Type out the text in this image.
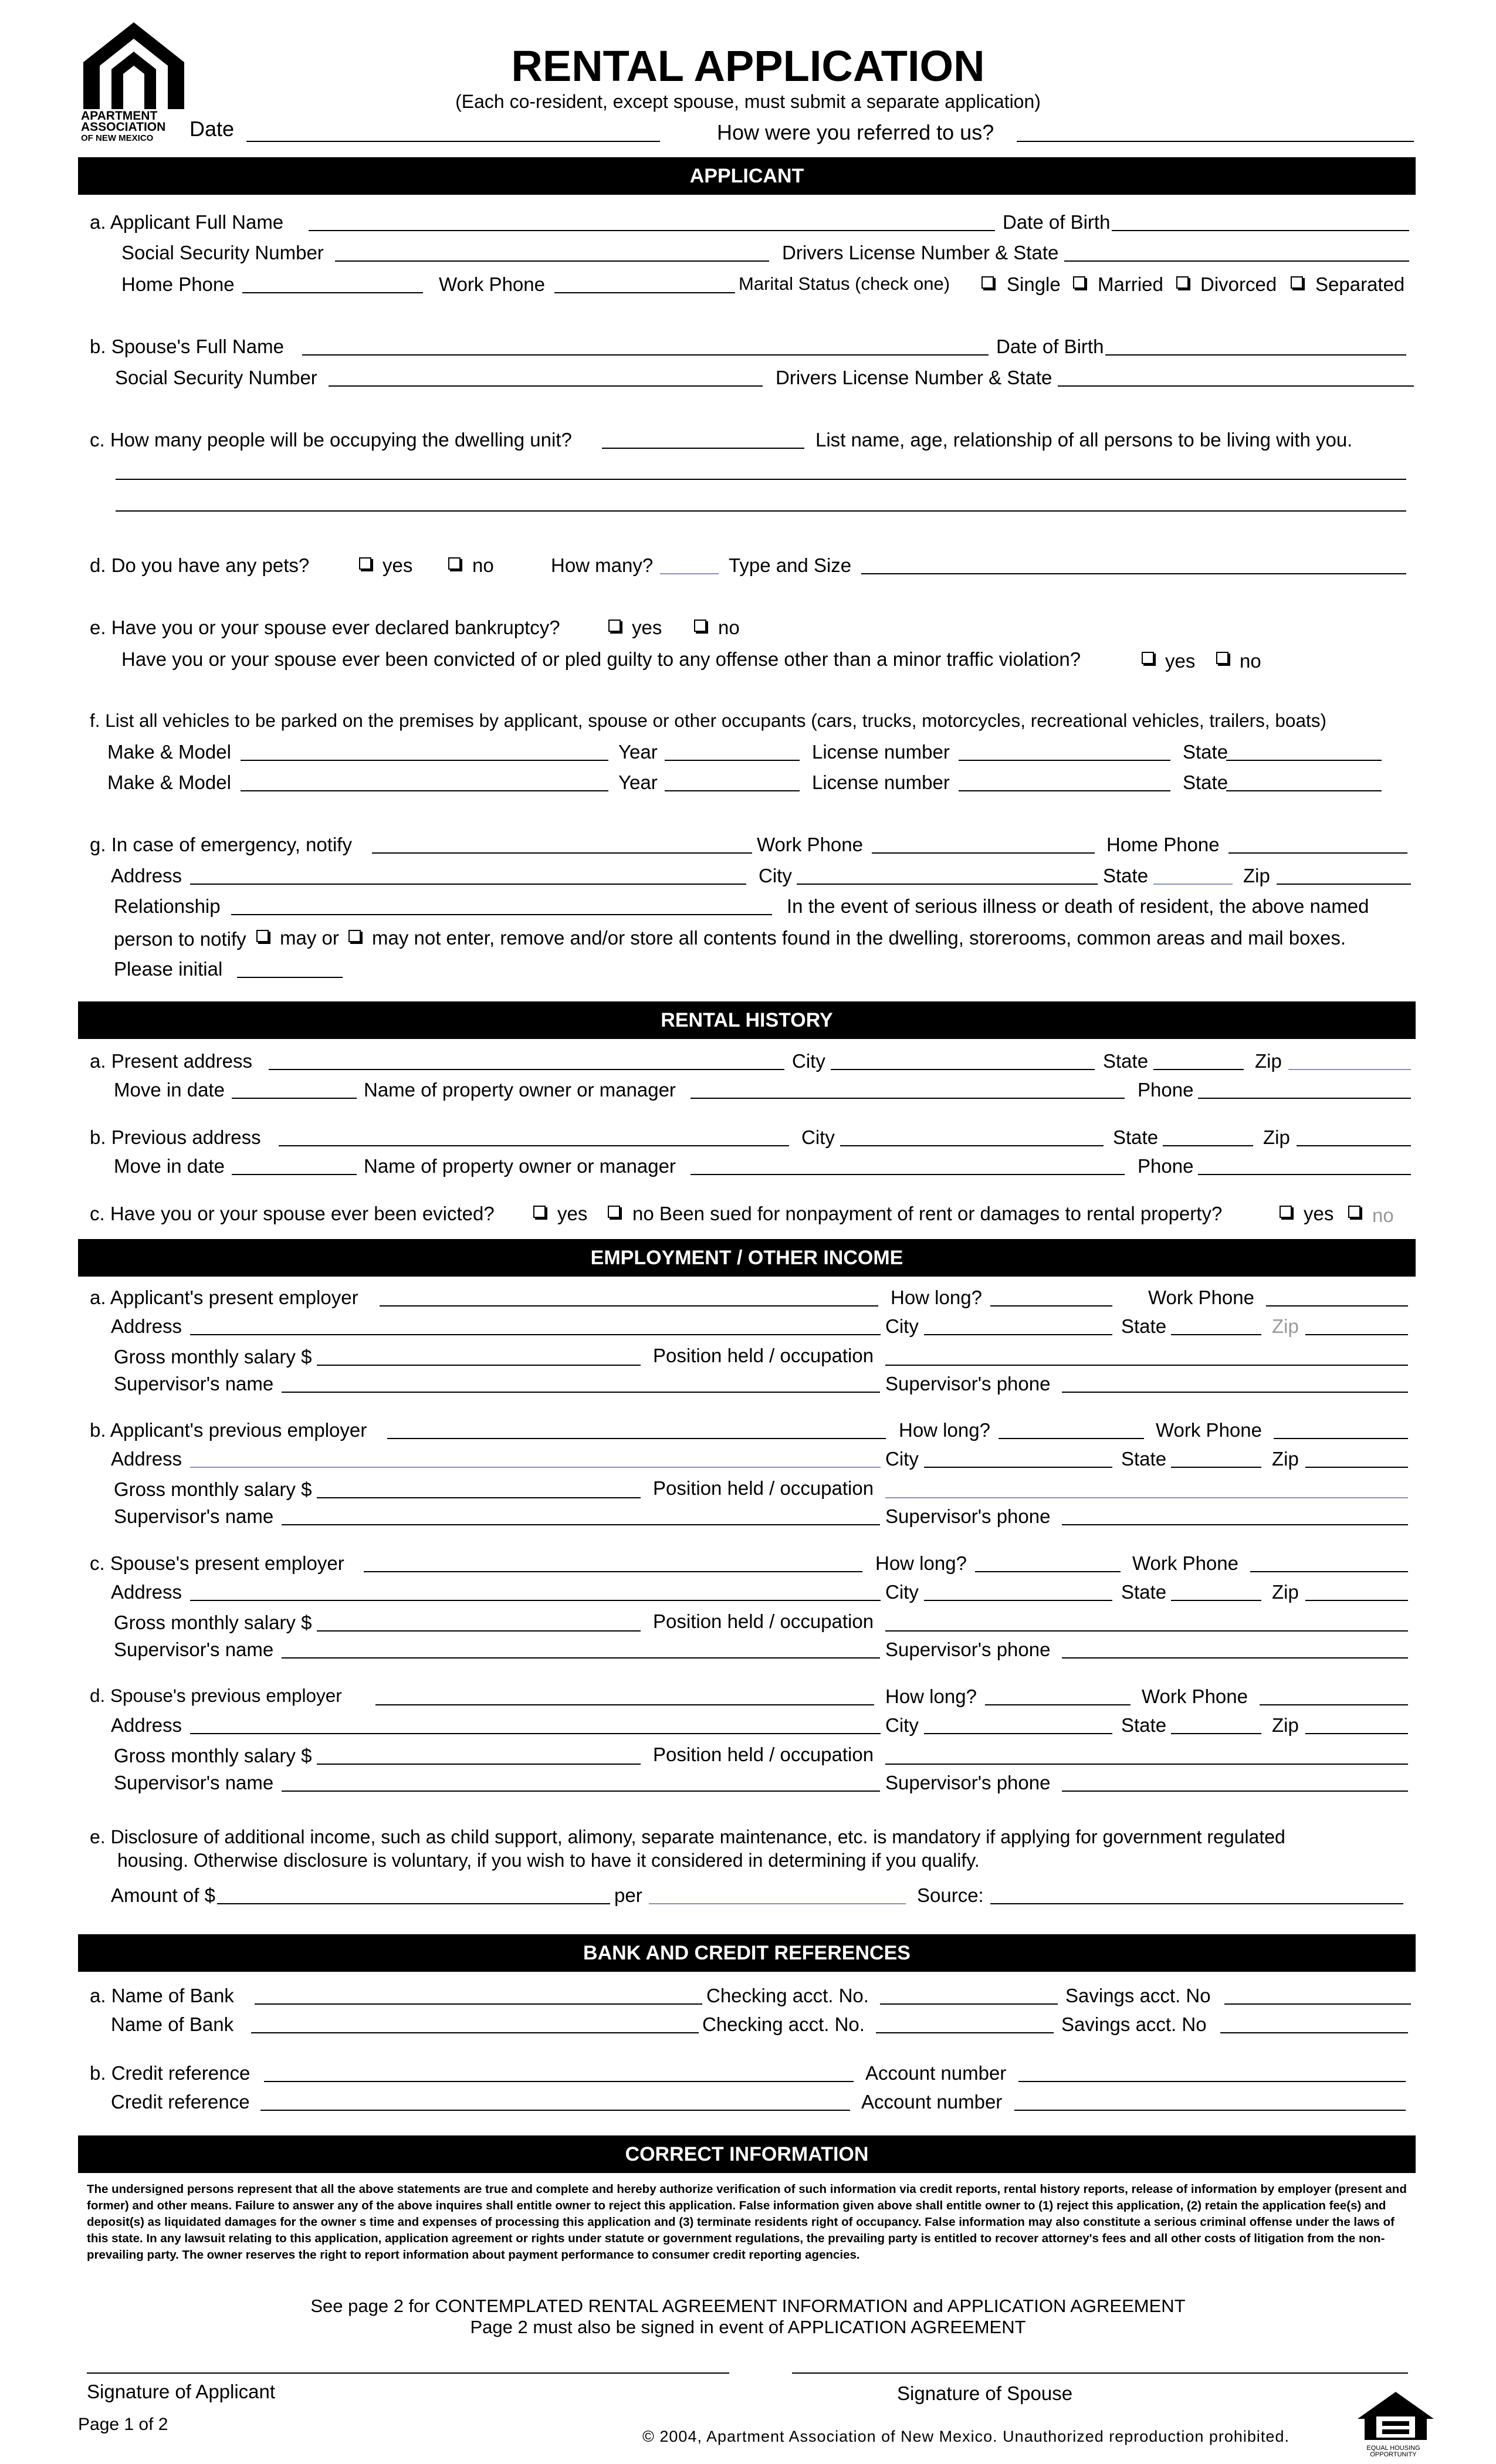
APARTMENT
ASSOCIATION
OF NEW MEXICO
RENTAL APPLICATION
(Each co-resident, except spouse, must submit a separate application)
Date	How were you referred to us?
APPLICANT
a. Applicant Full Name	Date of Birth
Social Security Number	Drivers License Number & State
Home Phone	Work Phone	Marital Status (check one)	Single Married Divorced Separated
b. Spouse's Full Name	Date of Birth
Social Security Number	Drivers License Number & State
c. How many people will be occupying the dwelling unit?	List name, age, relationship of all persons to be living with you.
d. Do you have any pets?	yes	no	How many?	Type and Size
e. Have you or your spouse ever declared bankruptcy?	yes	no
Have you or your spouse ever been convicted of or pled guilty to any offense other than a minor traffic violation?	yes no
f. List all vehicles to be parked on the premises by applicant, spouse or other occupants (cars, trucks, motorcycles, recreational vehicles, trailers, boats)
Make & Model	Year	License number	State
Make & Model	Year	License number	State
g. In case of emergency, notify	Work Phone	Home Phone
Address	City	State	Zip
Relationship	In the event of serious illness or death of resident, the above named
person to notify may or may not enter, remove and/or store all contents found in the dwelling, storerooms, common areas and mail boxes.
Please initial
RENTAL HISTORY
a. Present address	City	State	Zip
Move in date	Name of property owner or manager	Phone
b. Previous address	City	State	Zip
Move in date	Name of property owner or manager	Phone
c. Have you or your spouse ever been evicted?	yes no Been sued for nonpayment of rent or damages to rental property?	yes no
EMPLOYMENT / OTHER INCOME
a. Applicant's present employer	How long?	Work Phone
Address	City	State	Zip
Gross monthly salary $	Position held / occupation
Supervisor's name	Supervisor's phone
b. Applicant's previous employer	How long?	Work Phone
Address	City	State	Zip
Gross monthly salary $	Position held / occupation
Supervisor's name	Supervisor's phone
c. Spouse's present employer	How long?	Work Phone
Address	City	State	Zip
Gross monthly salary $	Position held / occupation
Supervisor's name	Supervisor's phone
d. Spouse's previous employer	How long?	Work Phone
Address	City	State	Zip
Gross monthly salary $	Position held / occupation
Supervisor's name	Supervisor's phone
e. Disclosure of additional income, such as child support, alimony, separate maintenance, etc. is mandatory if applying for government regulated
housing. Otherwise disclosure is voluntary, if you wish to have it considered in determining if you qualify.
Amount of $	per	Source:
BANK AND CREDIT REFERENCES
a. Name of Bank	Checking acct. No.	Savings acct. No
Name of Bank	Checking acct. No.	Savings acct. No
b. Credit reference	Account number
Credit reference	Account number
CORRECT INFORMATION
The undersigned persons represent that all the above statements are true and complete and hereby authorize verification of such information via credit reports, rental history reports, release of information by employer (present and former) and other means. Failure to answer any of the above inquires shall entitle owner to reject this application. False information given above shall entitle owner to (1) reject this application, (2) retain the application fee(s) and deposit(s) as liquidated damages for the owner s time and expenses of processing this application and (3) terminate residents right of occupancy. False information may also constitute a serious criminal offense under the laws of this state. In any lawsuit relating to this application, application agreement or rights under statute or government regulations, the prevailing party is entitled to recover attorney's fees and all other costs of litigation from the non-prevailing party. The owner reserves the right to report information about payment performance to consumer credit reporting agencies.
See page 2 for CONTEMPLATED RENTAL AGREEMENT INFORMATION and APPLICATION AGREEMENT
Page 2 must also be signed in event of APPLICATION AGREEMENT
Signature of Applicant	Signature of Spouse
Page 1 of 2
© 2004, Apartment Association of New Mexico. Unauthorized reproduction prohibited.
EQUAL HOUSING OPPORTUNITY
